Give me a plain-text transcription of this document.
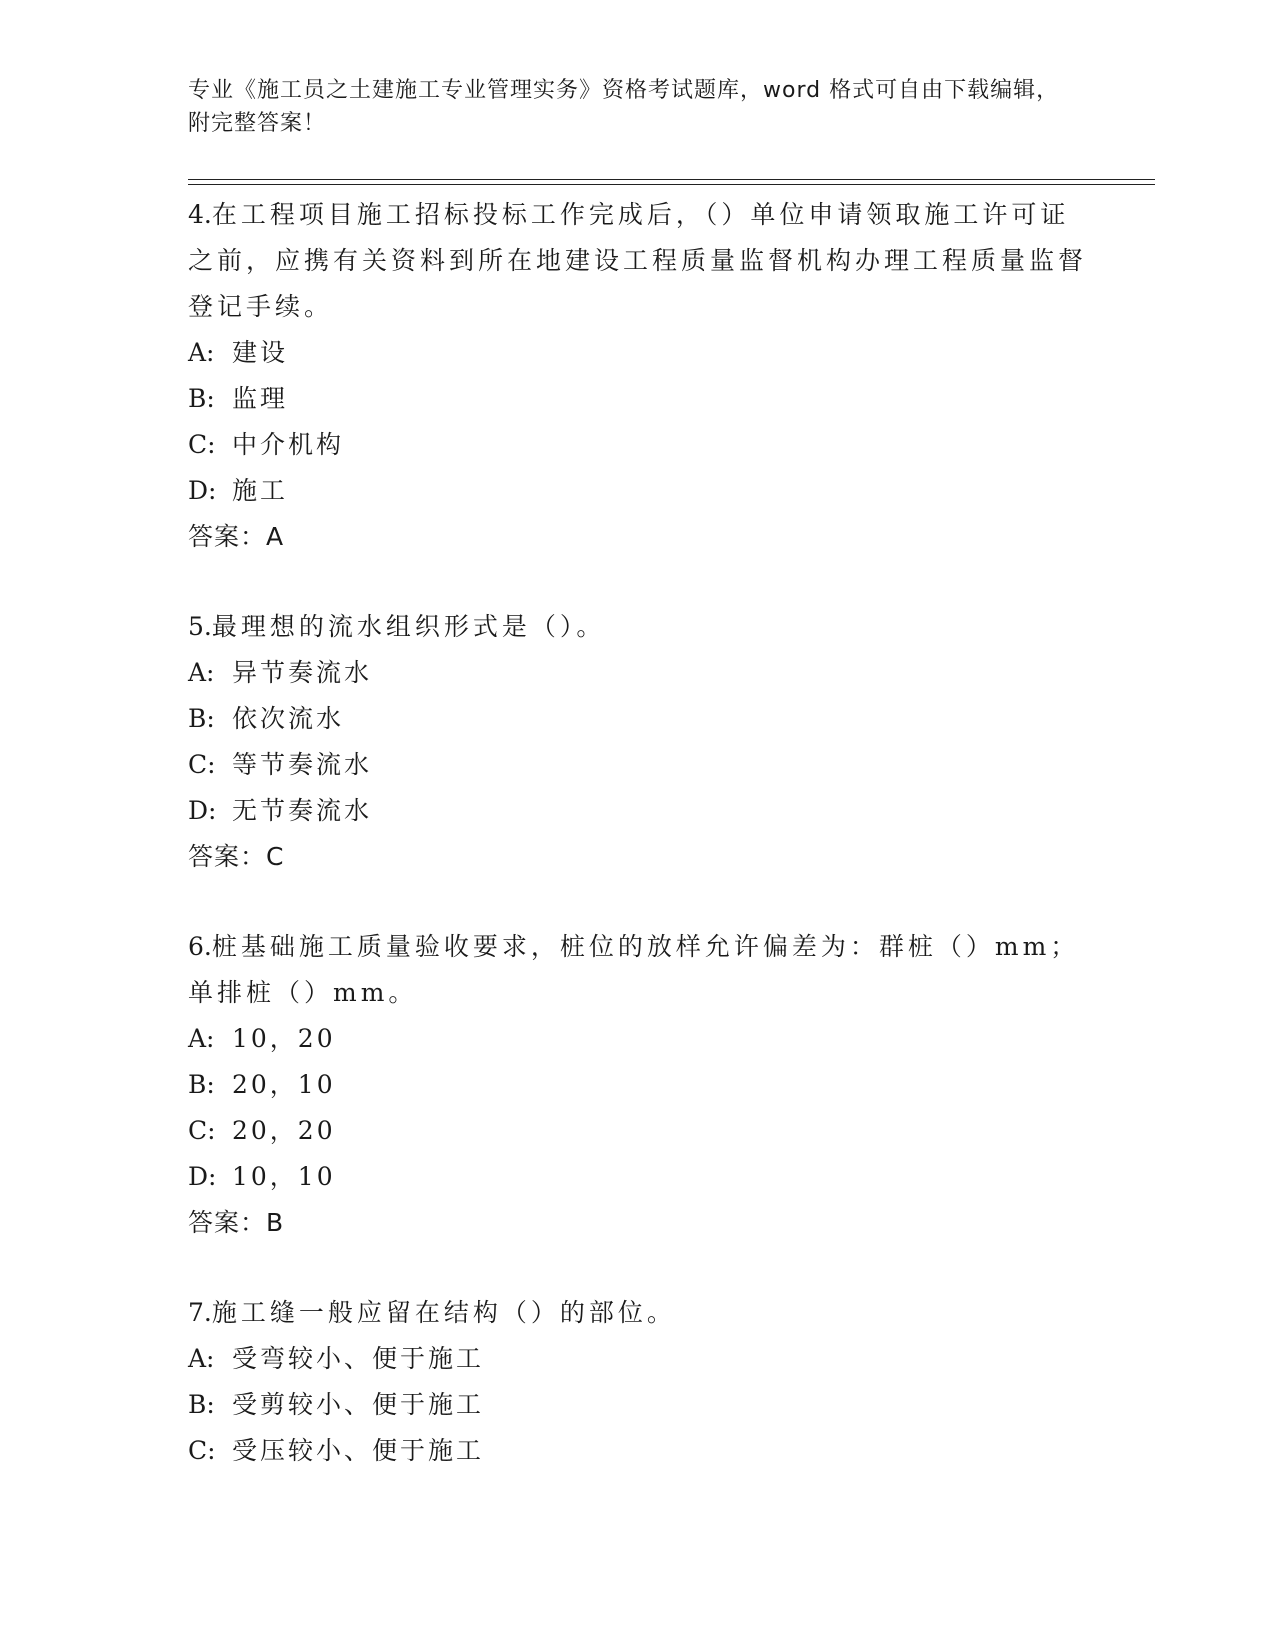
专业《施工员之土建施工专业管理实务》资格考试题库，word 格式可自由下载编辑，附完整答案！
4.在工程项目施工招标投标工作完成后，（）单位申请领取施工许可证之前，应携有关资料到所在地建设工程质量监督机构办理工程质量监督登记手续。
A: 建设
B: 监理
C: 中介机构
D: 施工
答案：A
5.最理想的流水组织形式是（）。
A: 异节奏流水
B: 依次流水
C: 等节奏流水
D: 无节奏流水
答案：C
6.桩基础施工质量验收要求，桩位的放样允许偏差为：群桩（）mm；单排桩（）mm。
A: 10，20
B: 20，10
C: 20，20
D: 10，10
答案：B
7.施工缝一般应留在结构（）的部位。
A: 受弯较小、便于施工
B: 受剪较小、便于施工
C: 受压较小、便于施工
